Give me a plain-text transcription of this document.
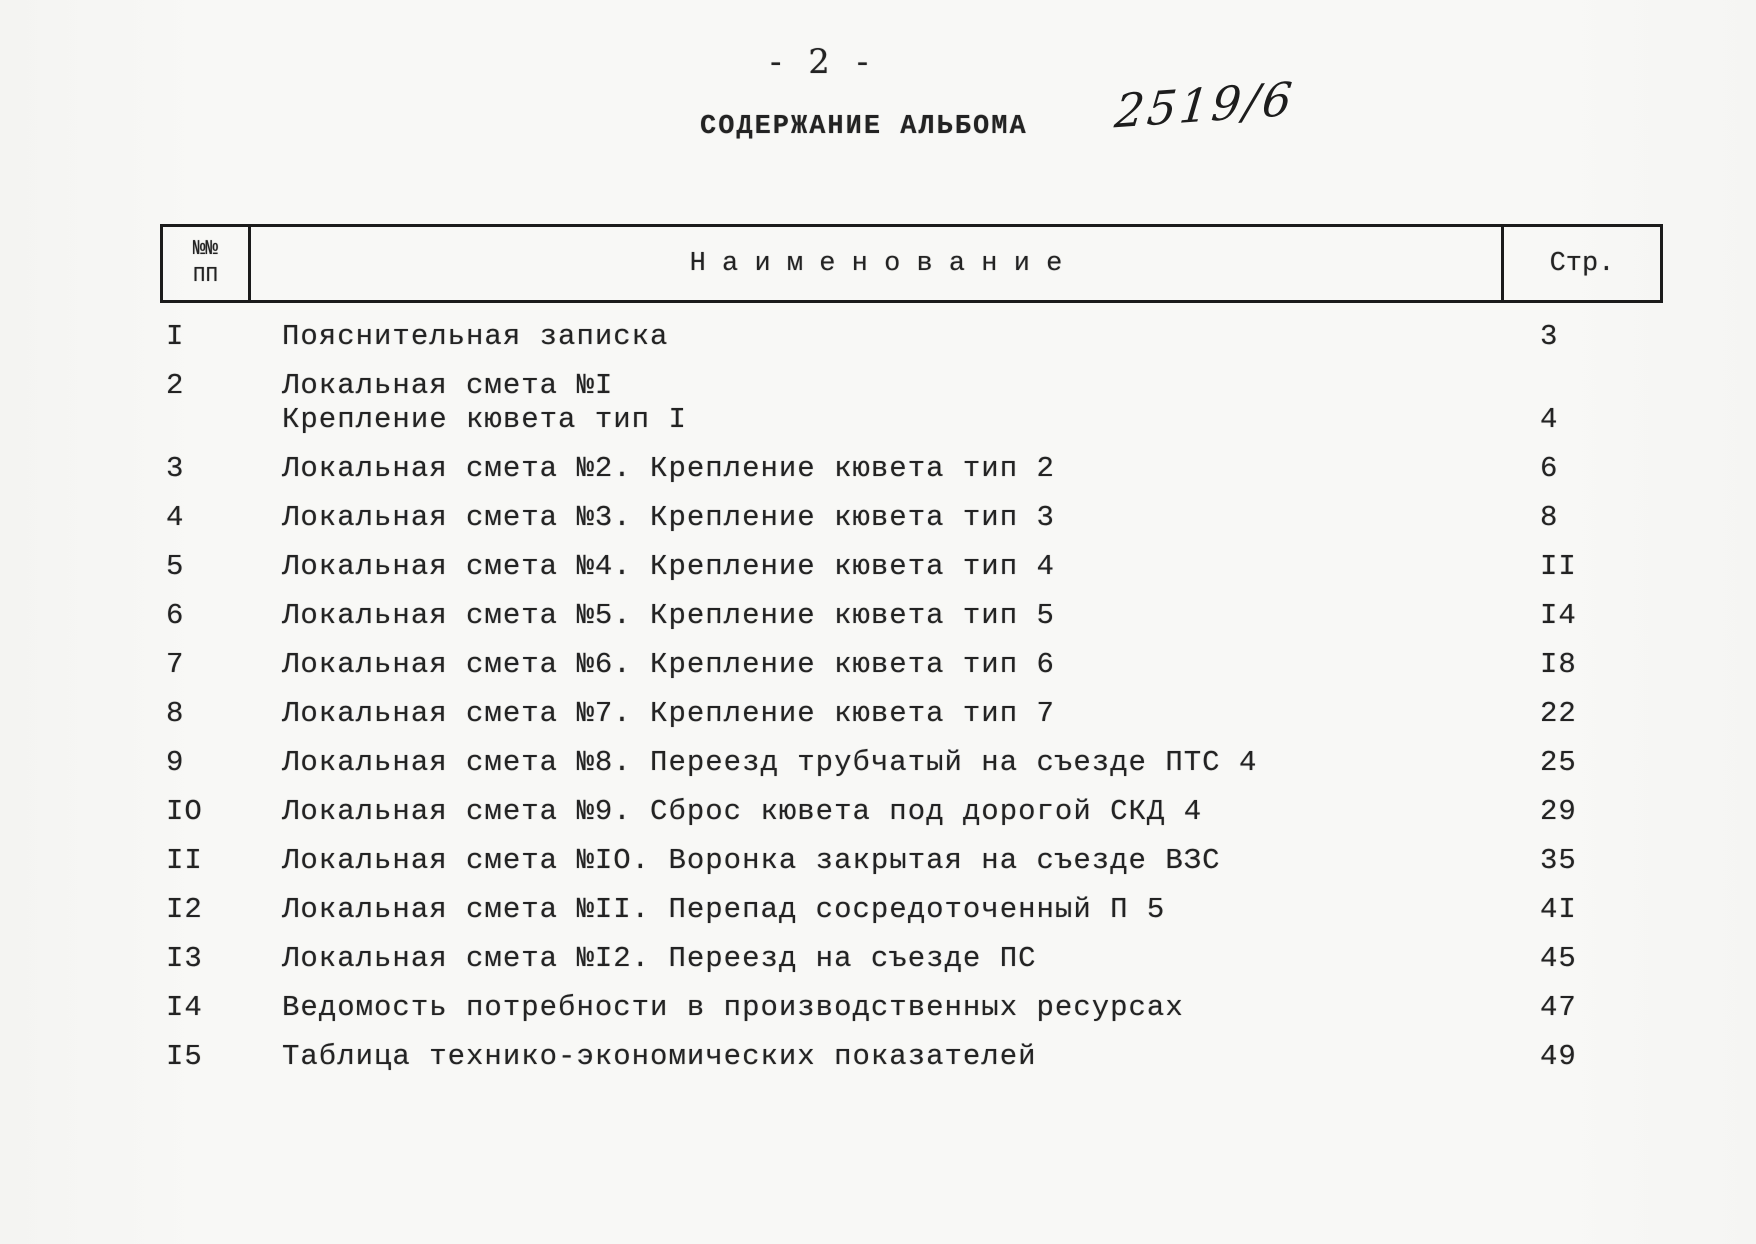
- 2 -
2519/6
СОДЕРЖАНИЕ АЛЬБОМА
№№
ПП	Н а и м е н о в а н и е	Стр.
I	Пояснительная записка	3
2	Локальная смета №I
Крепление кювета тип I	4
3	Локальная смета №2. Крепление кювета тип 2	6
4	Локальная смета №3. Крепление кювета тип 3	8
5	Локальная смета №4. Крепление кювета тип 4	II
6	Локальная смета №5. Крепление кювета тип 5	I4
7	Локальная смета №6. Крепление кювета тип 6	I8
8	Локальная смета №7. Крепление кювета тип 7	22
9	Локальная смета №8. Переезд трубчатый на съезде ПТС 4	25
IO	Локальная смета №9. Сброс кювета под дорогой СКД 4	29
II	Локальная смета №IO. Воронка закрытая на съезде ВЗС	35
I2	Локальная смета №II. Перепад сосредоточенный П 5	4I
I3	Локальная смета №I2. Переезд на съезде ПС	45
I4	Ведомость потребности в производственных ресурсах	47
I5	Таблица технико-экономических показателей	49
